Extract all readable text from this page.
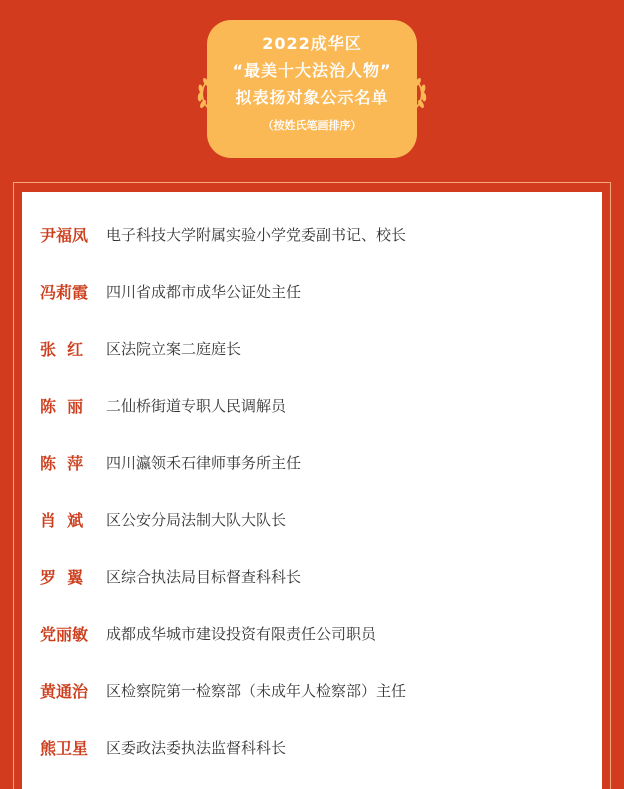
2022成华区
“最美十大法治人物”
拟表扬对象公示名单
（按姓氏笔画排序）
尹福凤	电子科技大学附属实验小学党委副书记、校长
冯莉霞	四川省成都市成华公证处主任
张  红	区法院立案二庭庭长
陈  丽	二仙桥街道专职人民调解员
陈  萍	四川瀛领禾石律师事务所主任
肖  斌	区公安分局法制大队大队长
罗  翼	区综合执法局目标督查科科长
党丽敏	成都成华城市建设投资有限责任公司职员
黄通治	区检察院第一检察部（未成年人检察部）主任
熊卫星	区委政法委执法监督科科长
